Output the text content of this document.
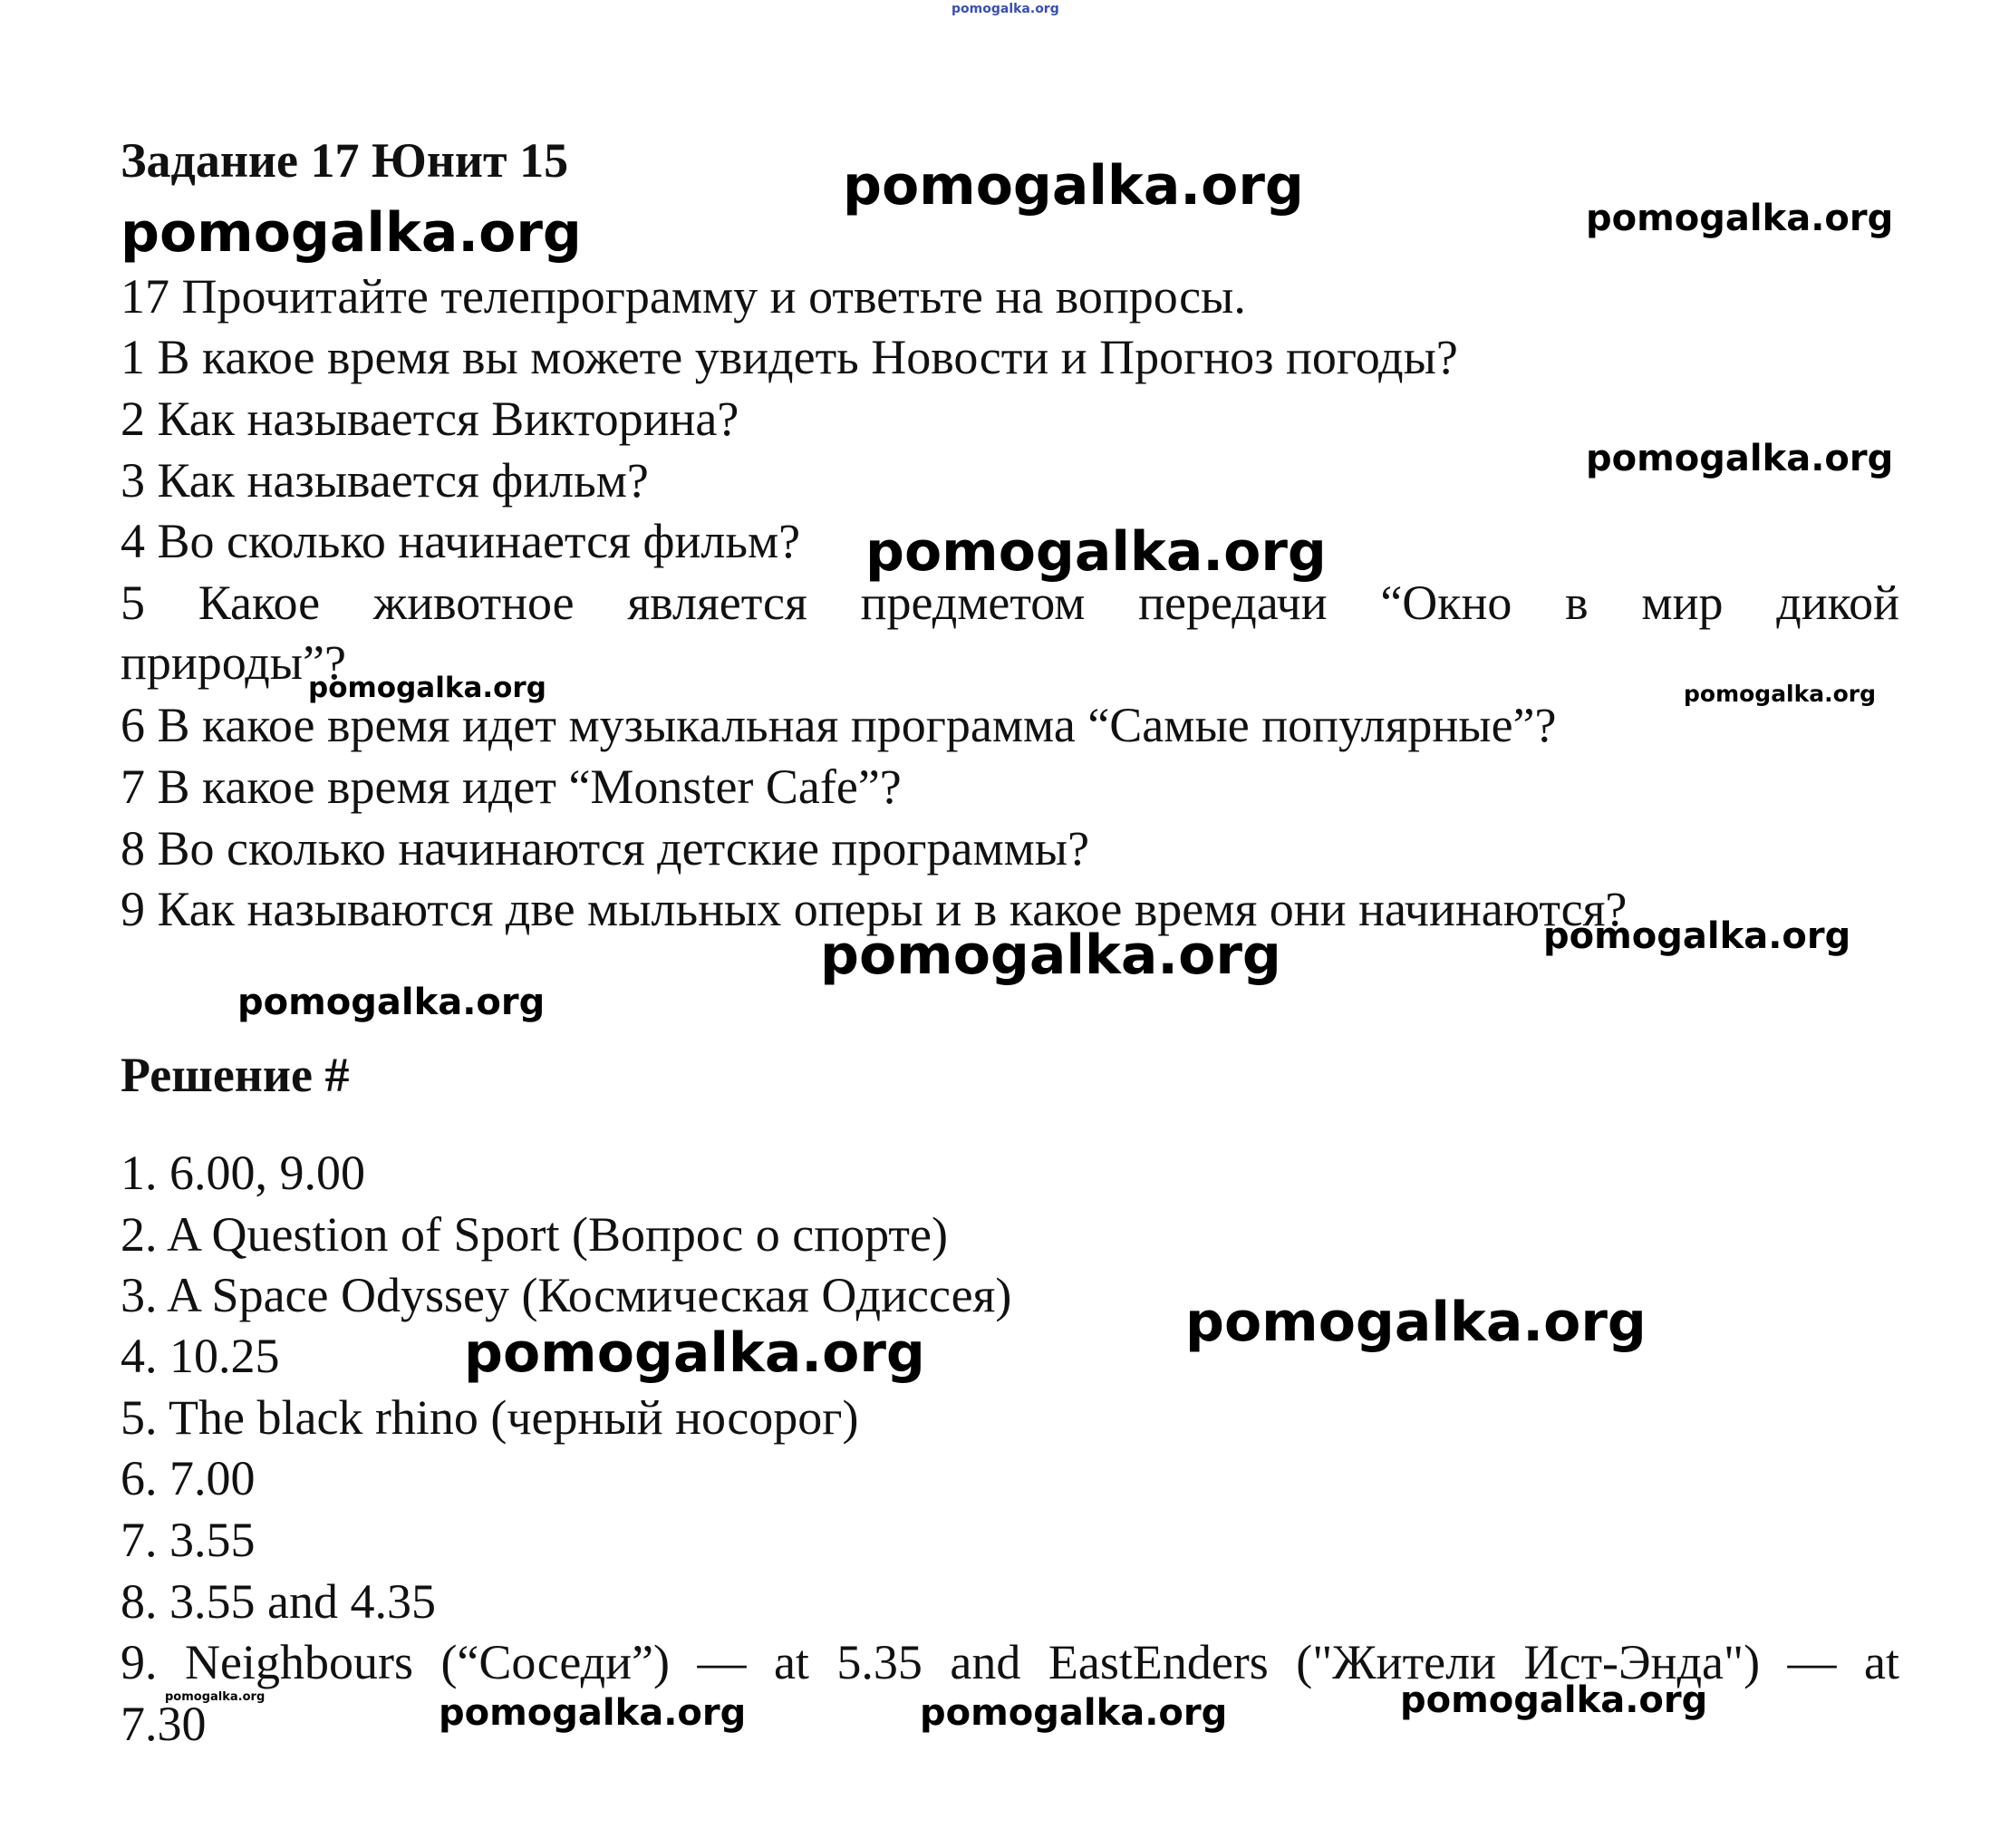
pomogalka.org
Задание 17 Юнит 15
17 Прочитайте телепрограмму и ответьте на вопросы.
1 В какое время вы можете увидеть Новости и Прогноз погоды?
2 Как называется Викторина?
3 Как называется фильм?
4 Во сколько начинается фильм?
5 Какое животное является предметом передачи “Окно в мир дикой
природы”?
6 В какое время идет музыкальная программа “Самые популярные”?
7 В какое время идет “Monster Cafe”?
8 Во сколько начинаются детские программы?
9 Как называются две мыльных оперы и в какое время они начинаются?
Решение #
1. 6.00, 9.00
2. A Question of Sport (Вопрос о спорте)
3. A Space Odyssey (Космическая Одиссея)
4. 10.25
5. The black rhino (черный носорог)
6. 7.00
7. 3.55
8. 3.55 and 4.35
9. Neighbours (“Соседи”) — at 5.35 and EastEnders ("Жители Ист-Энда") — at
7.30
pomogalka.org
pomogalka.org	pomogalka.org
pomogalka.org
pomogalka.org
pomogalka.org	pomogalka.org
pomogalka.org	pomogalka.org
pomogalka.org
pomogalka.org
pomogalka.org
pomogalka.org	pomogalka.org	pomogalka.org	pomogalka.org
